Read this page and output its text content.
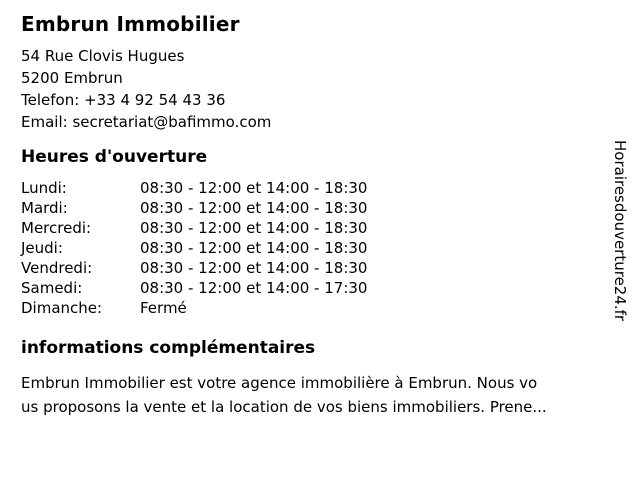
Embrun Immobilier
54 Rue Clovis Hugues
5200 Embrun
Telefon: +33 4 92 54 43 36
Email: secretariat@bafimmo.com
Heures d'ouverture
Lundi:	08:30 - 12:00 et 14:00 - 18:30
Mardi:	08:30 - 12:00 et 14:00 - 18:30
Mercredi:	08:30 - 12:00 et 14:00 - 18:30
Jeudi:	08:30 - 12:00 et 14:00 - 18:30
Vendredi:	08:30 - 12:00 et 14:00 - 18:30
Samedi:	08:30 - 12:00 et 14:00 - 17:30
Dimanche:	Fermé
informations complémentaires
Embrun Immobilier est votre agence immobilière à Embrun. Nous vo
us proposons la vente et la location de vos biens immobiliers. Prene...
Horairesdouverture24.fr
